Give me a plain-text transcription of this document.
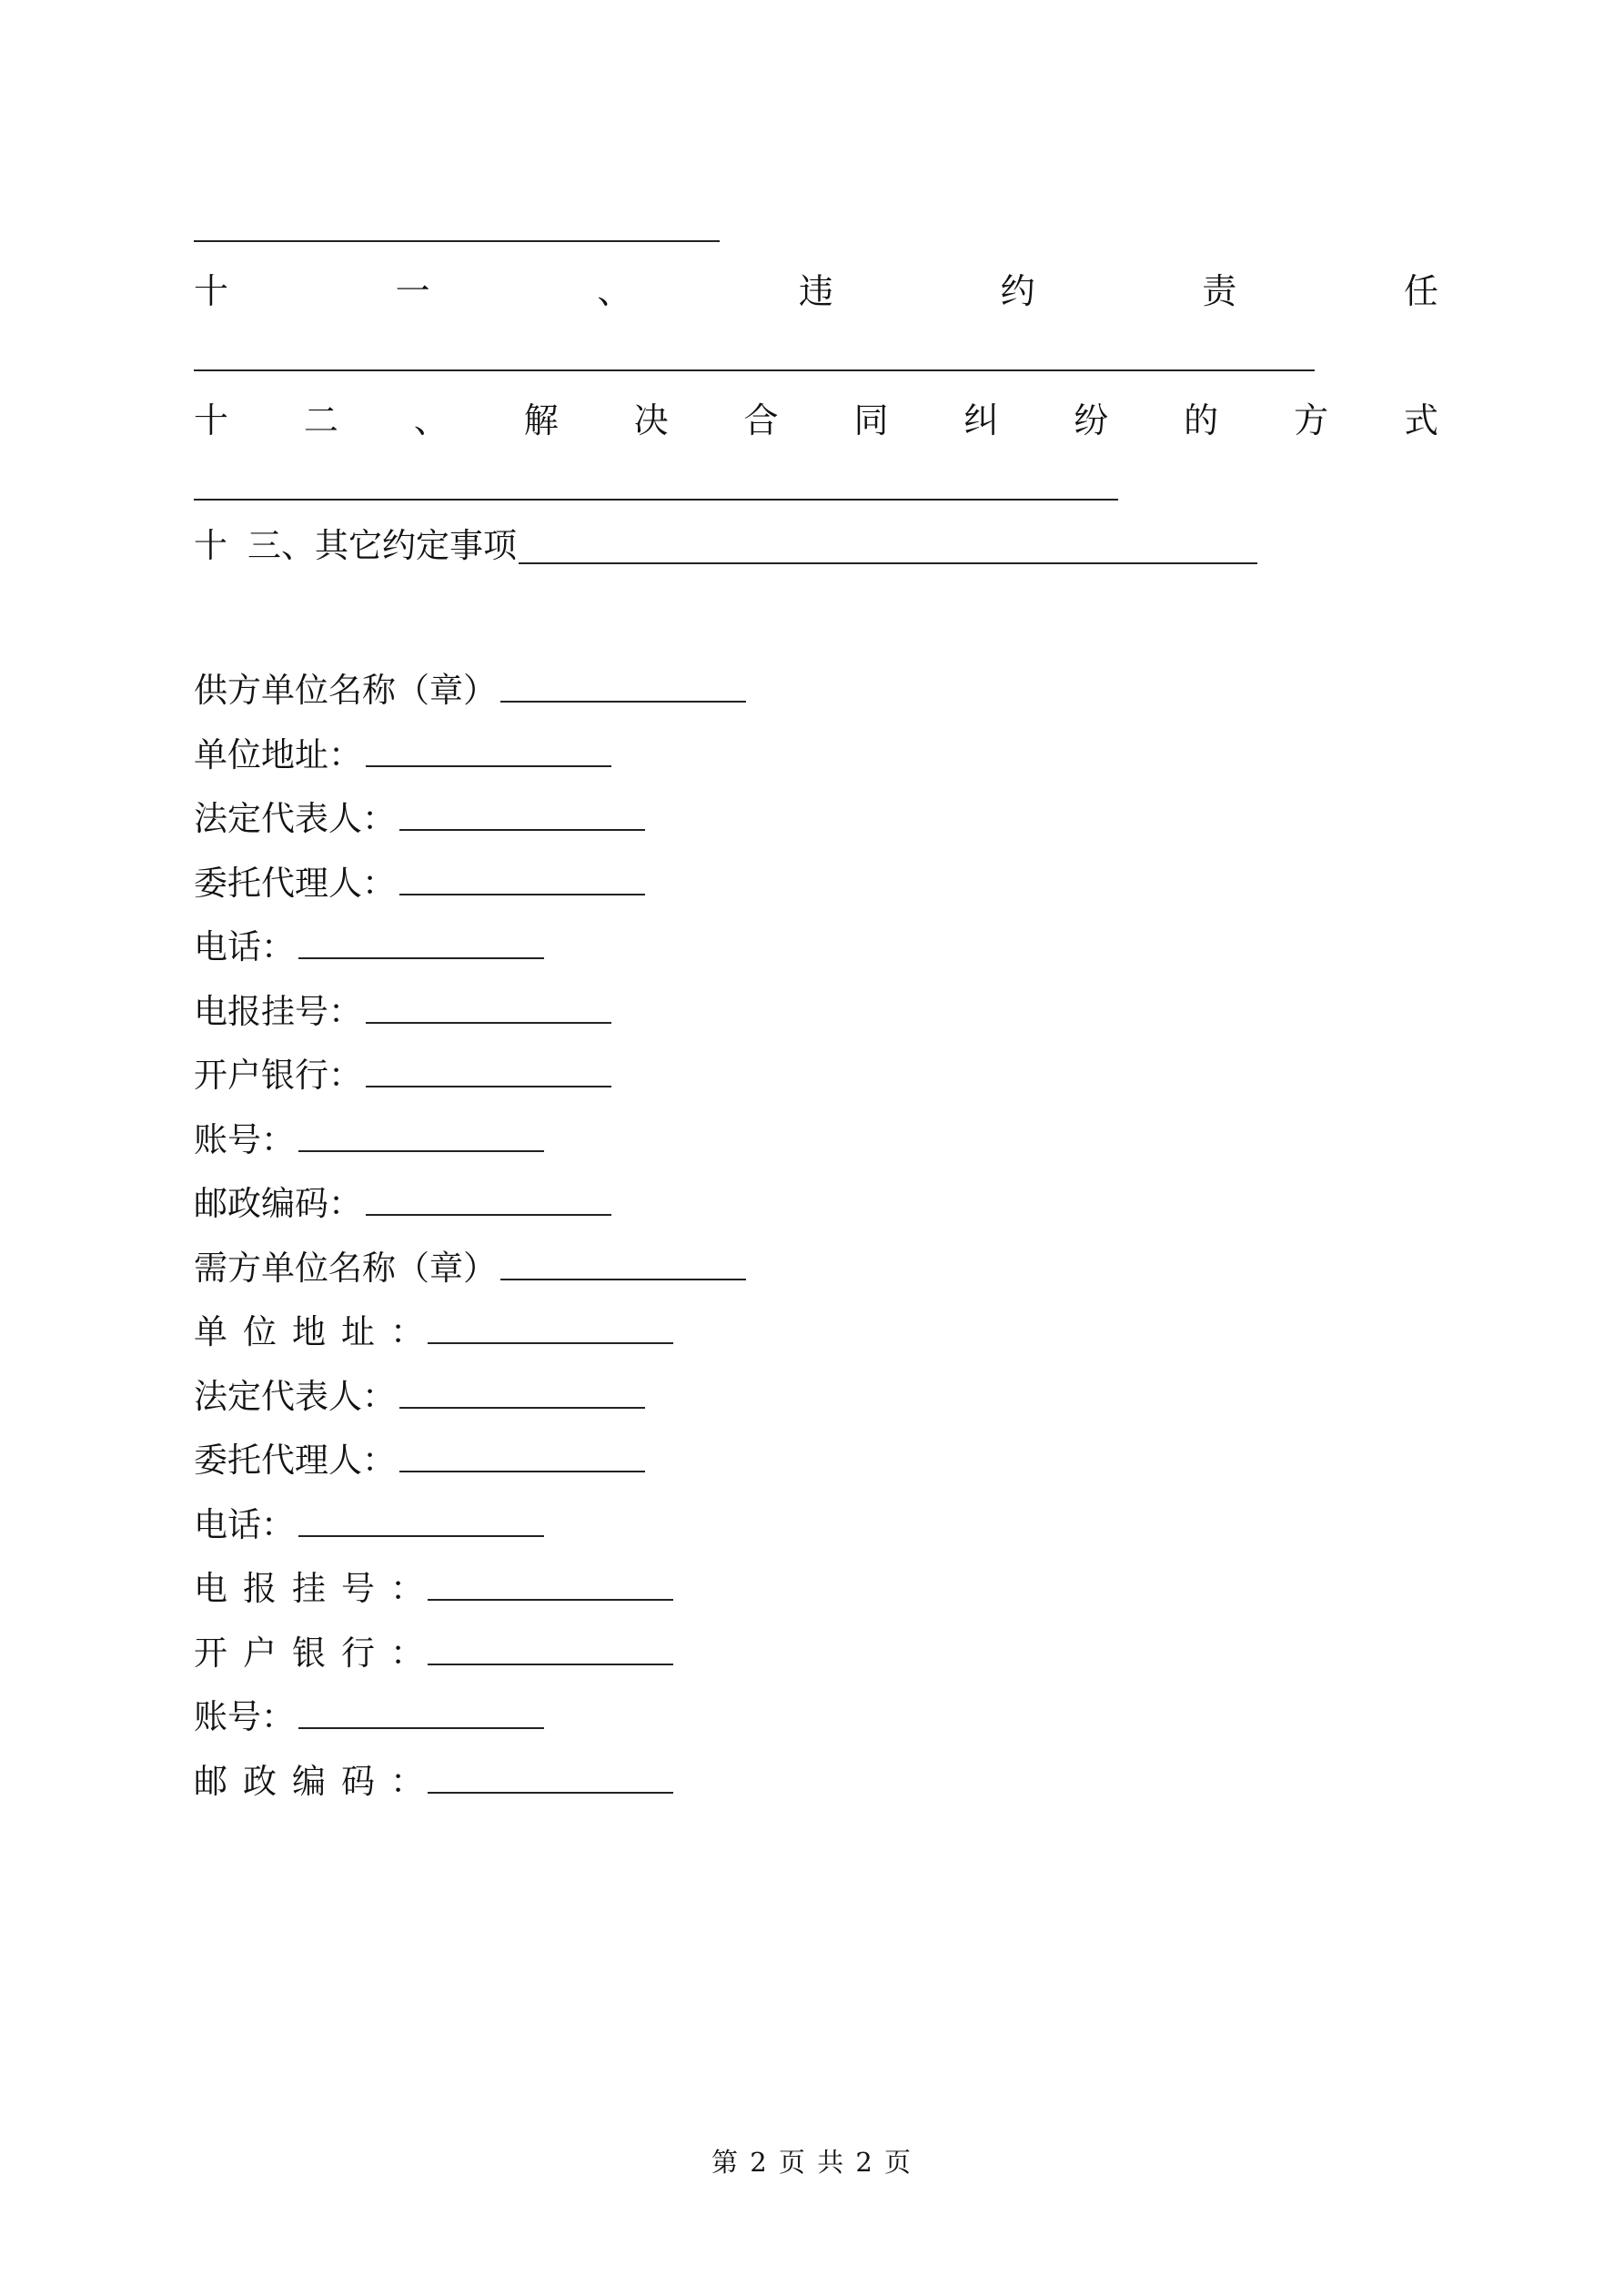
十	一	、	违	约	责	任
十 二 、 解 决 合 同 纠 纷 的 方 式
十 三、其它约定事项
供方单位名称（章）
单位地址 ：
法定代表人 ：
委托代理人 ：
电话 ：
电报挂号 ：
开户银行 ：
账号 ：
邮政编码 ：
需方单位名称（章）
单位地址 ：
法定代表人 ：
委托代理人 ：
电话 ：
电报挂号 ：
开户银行 ：
账号 ：
邮政编码 ：
第 2 页 共 2 页
